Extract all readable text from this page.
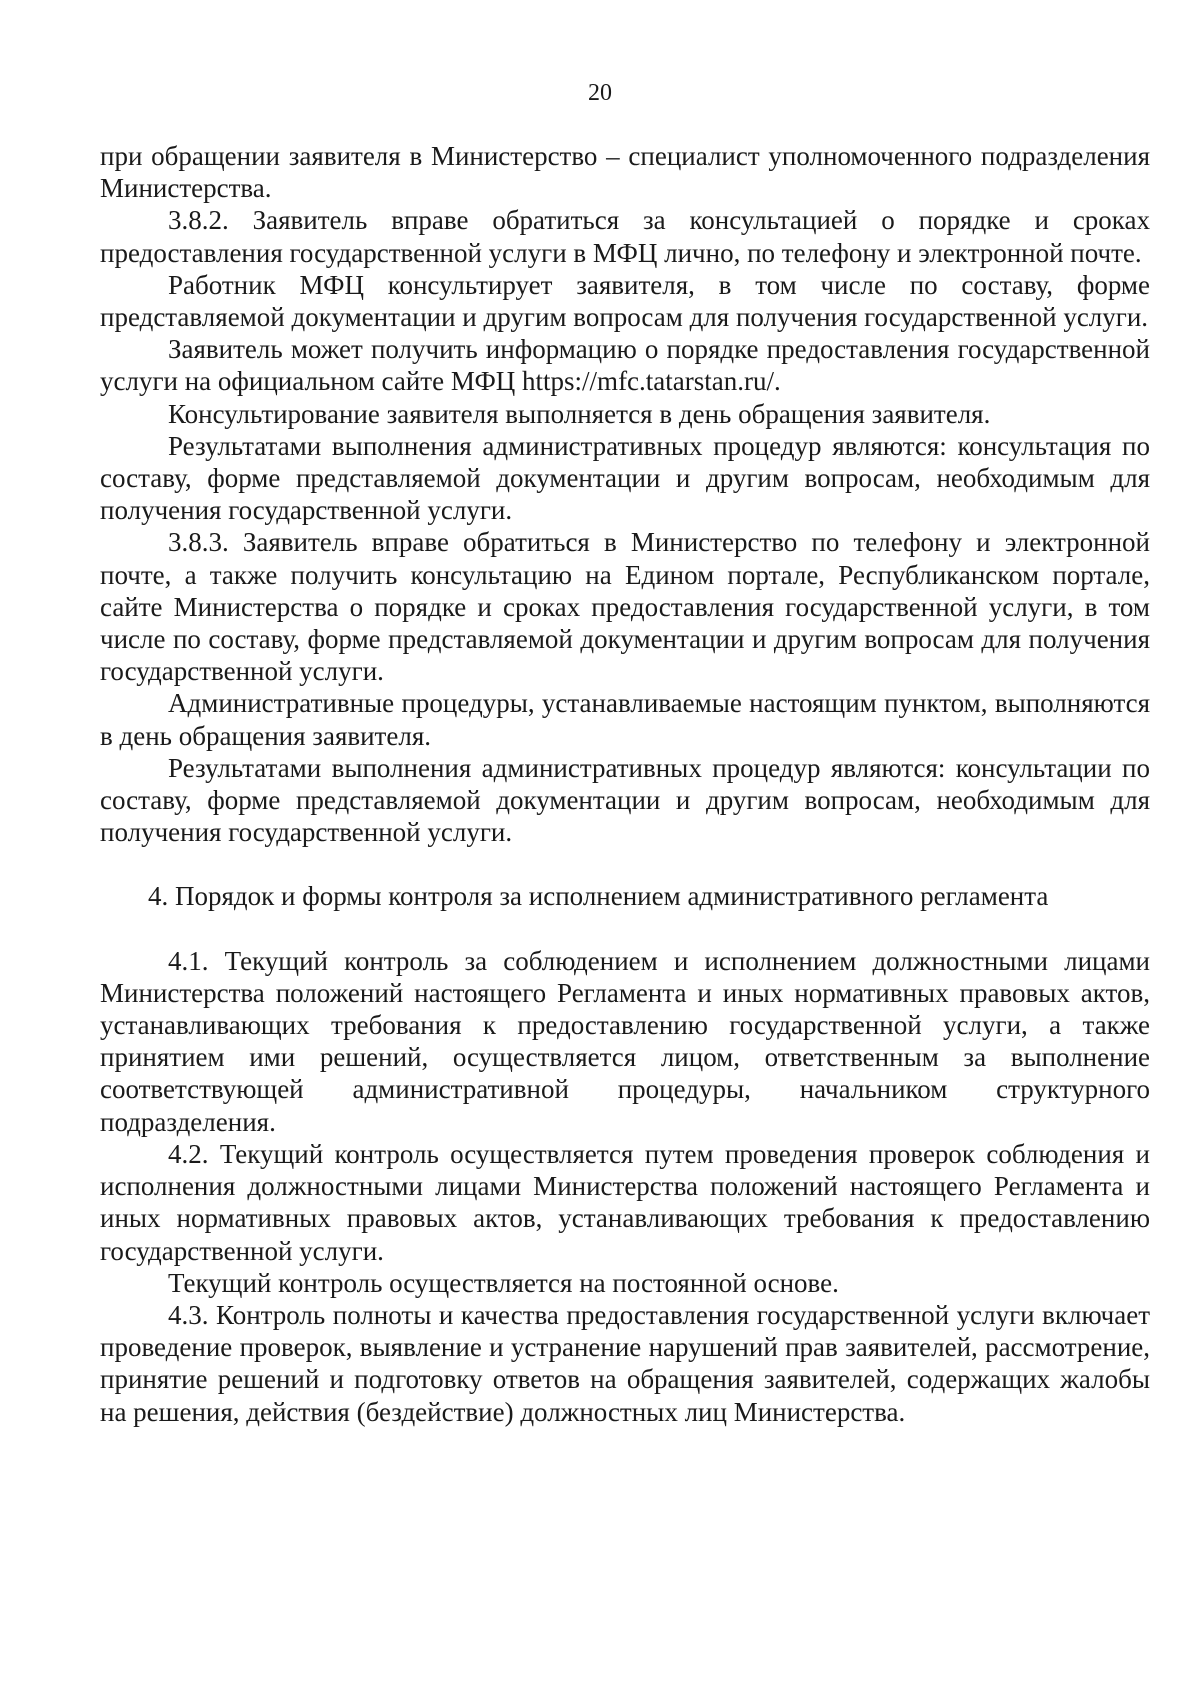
20

при обращении заявителя в Министерство – специалист уполномоченного подразделения Министерства.

3.8.2. Заявитель вправе обратиться за консультацией о порядке и сроках предоставления государственной услуги в МФЦ лично, по телефону и электронной почте.

Работник МФЦ консультирует заявителя, в том числе по составу, форме представляемой документации и другим вопросам для получения государственной услуги.

Заявитель может получить информацию о порядке предоставления государственной услуги на официальном сайте МФЦ https://mfc.tatarstan.ru/.

Консультирование заявителя выполняется в день обращения заявителя.

Результатами выполнения административных процедур являются: консультация по составу, форме представляемой документации и другим вопросам, необходимым для получения государственной услуги.

3.8.3. Заявитель вправе обратиться в Министерство по телефону и электронной почте, а также получить консультацию на Едином портале, Республиканском портале, сайте Министерства о порядке и сроках предоставления государственной услуги, в том числе по составу, форме представляемой документации и другим вопросам для получения государственной услуги.

Административные процедуры, устанавливаемые настоящим пунктом, выполняются в день обращения заявителя.

Результатами выполнения административных процедур являются: консультации по составу, форме представляемой документации и другим вопросам, необходимым для получения государственной услуги.

4. Порядок и формы контроля за исполнением административного регламента

4.1. Текущий контроль за соблюдением и исполнением должностными лицами Министерства положений настоящего Регламента и иных нормативных правовых актов, устанавливающих требования к предоставлению государственной услуги, а также принятием ими решений, осуществляется лицом, ответственным за выполнение соответствующей административной процедуры, начальником структурного подразделения.

4.2. Текущий контроль осуществляется путем проведения проверок соблюдения и исполнения должностными лицами Министерства положений настоящего Регламента и иных нормативных правовых актов, устанавливающих требования к предоставлению государственной услуги.

Текущий контроль осуществляется на постоянной основе.

4.3. Контроль полноты и качества предоставления государственной услуги включает проведение проверок, выявление и устранение нарушений прав заявителей, рассмотрение, принятие решений и подготовку ответов на обращения заявителей, содержащих жалобы на решения, действия (бездействие) должностных лиц Министерства.
